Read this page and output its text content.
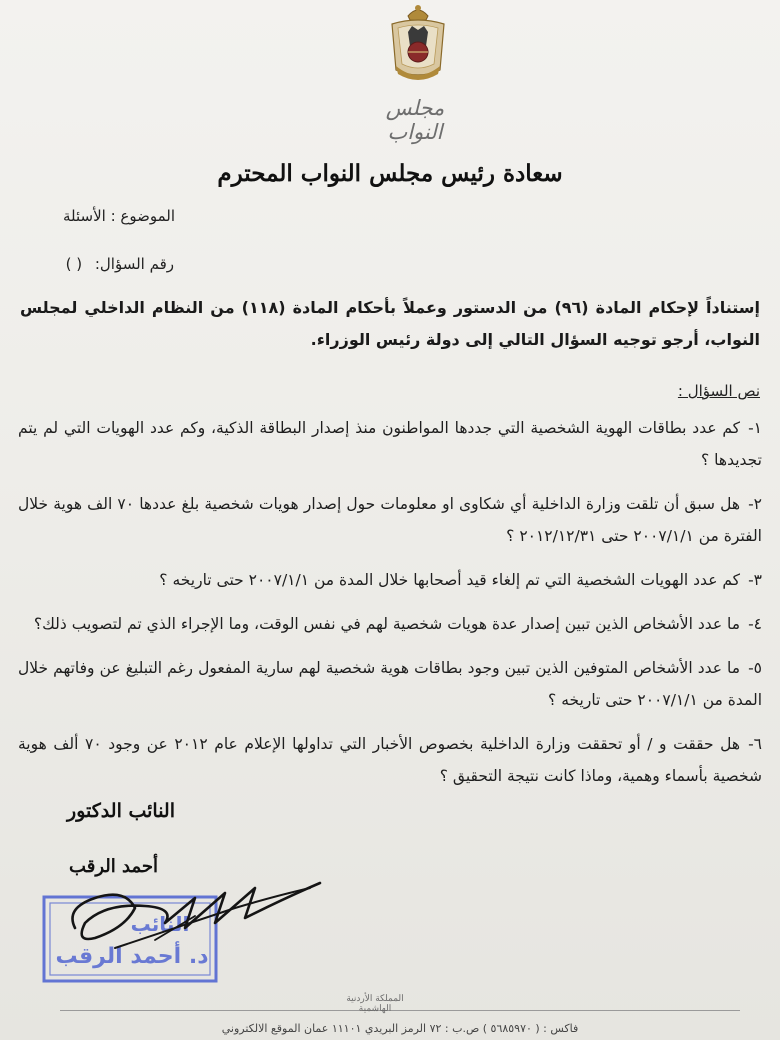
مجلس النواب
سعادة رئيس مجلس النواب المحترم
الموضوع : الأسئلة
رقم السؤال: ( )
إستناداً لإحكام المادة (٩٦) من الدستور وعملاً بأحكام المادة (١١٨) من النظام الداخلي لمجلس النواب، أرجو توجيه السؤال التالي إلى دولة رئيس الوزراء.
نص السؤال :
١-كم عدد بطاقات الهوية الشخصية التي جددها المواطنون منذ إصدار البطاقة الذكية، وكم عدد الهويات التي لم يتم تجديدها ؟
٢-هل سبق أن تلقت وزارة الداخلية أي شكاوى او معلومات حول إصدار هويات شخصية بلغ عددها ٧٠ الف هوية خلال الفترة من ٢٠٠٧/١/١ حتى ٢٠١٢/١٢/٣١ ؟
٣-كم عدد الهويات الشخصية التي تم إلغاء قيد أصحابها خلال المدة من ٢٠٠٧/١/١ حتى تاريخه ؟
٤-ما عدد الأشخاص الذين تبين إصدار عدة هويات شخصية لهم في نفس الوقت، وما الإجراء الذي تم لتصويب ذلك؟
٥-ما عدد الأشخاص المتوفين الذين تبين وجود بطاقات هوية شخصية لهم سارية المفعول رغم التبليغ عن وفاتهم خلال المدة من ٢٠٠٧/١/١ حتى تاريخه ؟
٦-هل حققت و / أو تحققت وزارة الداخلية بخصوص الأخبار التي تداولها الإعلام عام ٢٠١٢ عن وجود ٧٠ ألف هوية شخصية بأسماء وهمية، وماذا كانت نتيجة التحقيق ؟
النائب الدكتور
أحمد الرقب
النائب
د. أحمد الرقب
المملكة الأردنية الهاشمية
فاكس : ( ٥٦٨٥٩٧٠ ) ص.ب : ٧٢ الرمز البريدي ١١١٠١ عمان الموقع الالكتروني
